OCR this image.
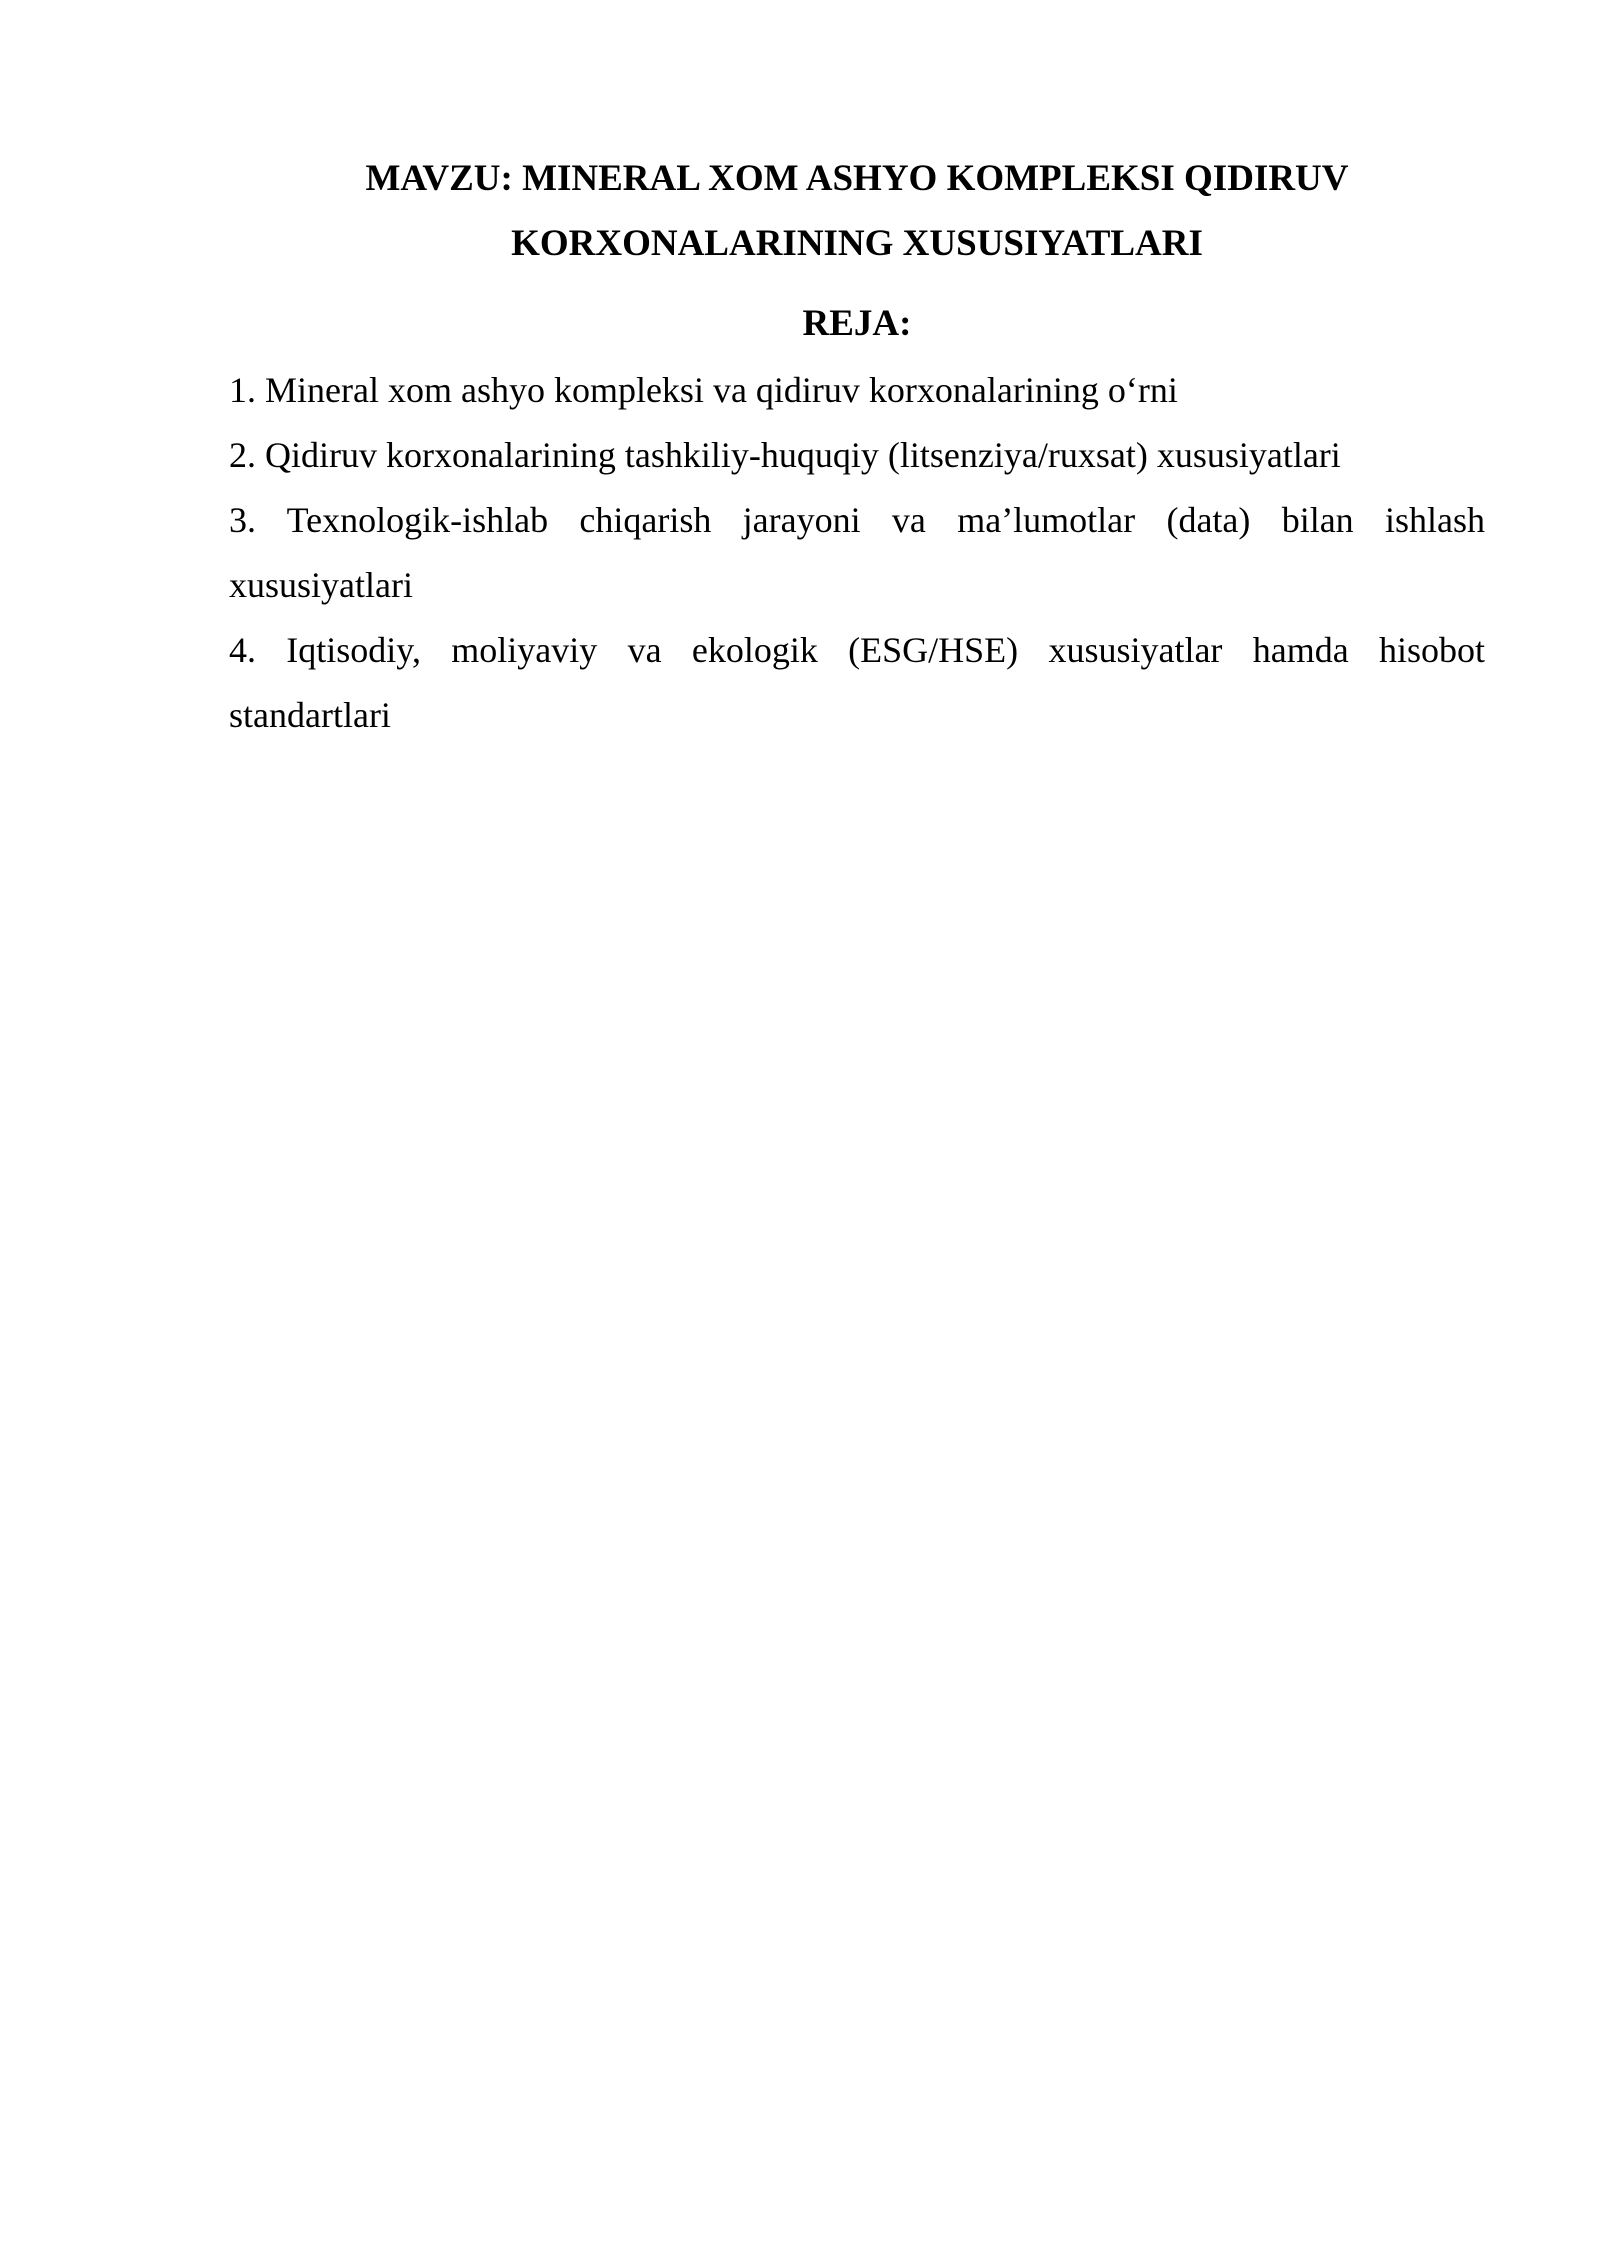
MAVZU: MINERAL XOM ASHYO KOMPLEKSI QIDIRUV
KORXONALARINING XUSUSIYATLARI
REJA:
1. Mineral xom ashyo kompleksi va qidiruv korxonalarining o‘rni
2. Qidiruv korxonalarining tashkiliy-huquqiy (litsenziya/ruxsat) xususiyatlari
3. Texnologik-ishlab chiqarish jarayoni va ma’lumotlar (data) bilan ishlash xususiyatlari
4. Iqtisodiy, moliyaviy va ekologik (ESG/HSE) xususiyatlar hamda hisobot standartlari
